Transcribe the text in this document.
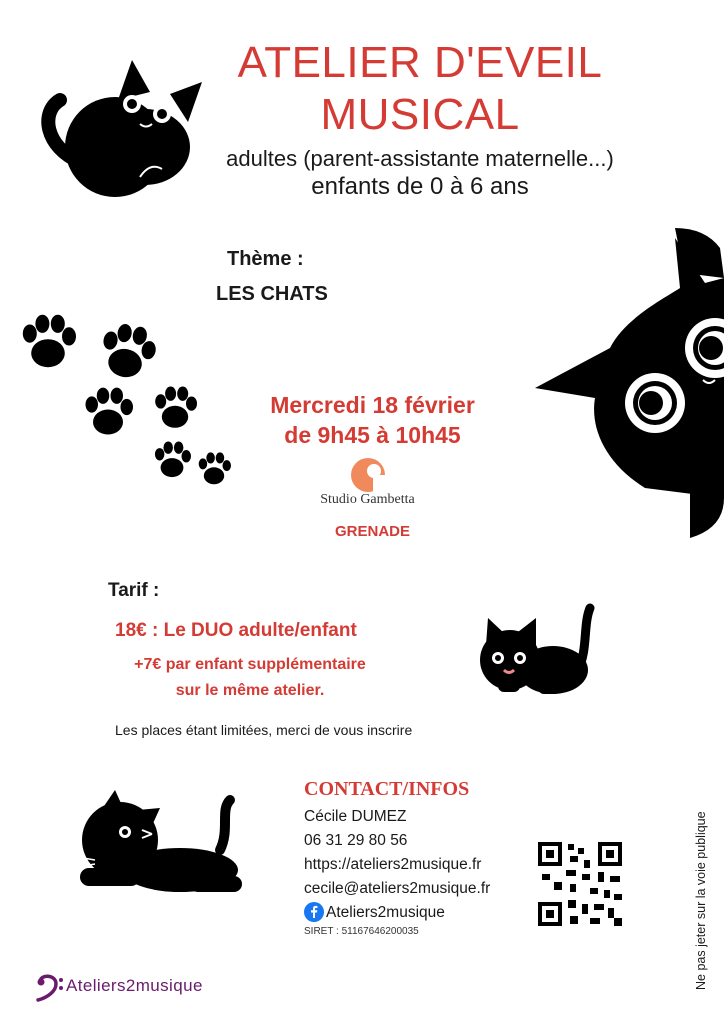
ATELIER D'EVEIL
MUSICAL
adultes (parent-assistante maternelle...)
enfants de 0 à 6 ans
Thème :
LES CHATS
Mercredi 18 février
de 9h45 à 10h45
Studio Gambetta
GRENADE
Tarif :
18€ : Le DUO adulte/enfant
+7€ par enfant supplémentaire
sur le même atelier.
Les places étant limitées, merci de vous inscrire
CONTACT/INFOS
Cécile DUMEZ
06 31 29 80 56
https://ateliers2musique.fr
cecile@ateliers2musique.fr
Ateliers2musique
SIRET : 51167646200035	Ne pas jeter sur la voie publique
Ateliers2musique
